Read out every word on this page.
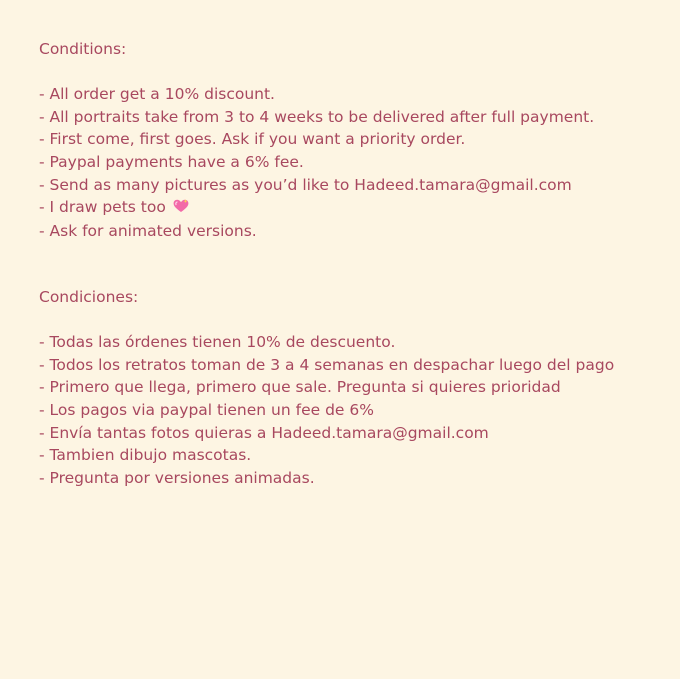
Conditions:
- All order get a 10% discount.
- All portraits take from 3 to 4 weeks to be delivered after full payment.
- First come, first goes. Ask if you want a priority order.
- Paypal payments have a 6% fee.
- Send as many pictures as you’d like to Hadeed.tamara@gmail.com
- I draw pets too
- Ask for animated versions.
Condiciones:
- Todas las órdenes tienen 10% de descuento.
- Todos los retratos toman de 3 a 4 semanas en despachar luego del pago
- Primero que llega, primero que sale. Pregunta si quieres prioridad
- Los pagos via paypal tienen un fee de 6%
- Envía tantas fotos quieras a Hadeed.tamara@gmail.com
- Tambien dibujo mascotas.
- Pregunta por versiones animadas.
